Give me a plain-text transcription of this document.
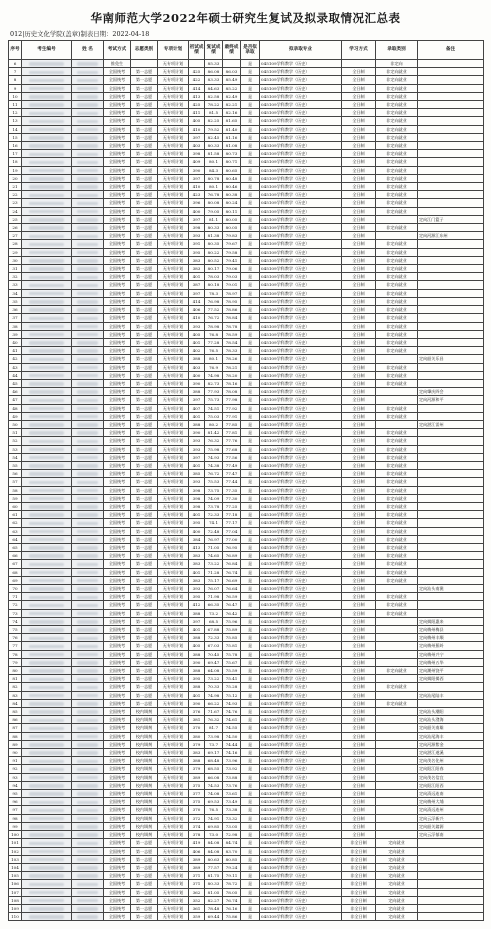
华南师范大学2022年硕士研究生复试及拟录取情况汇总表
012|历史文化学院(盖章)制表日期：2022-04-18
序号	考生编号	姓 名	考试方式	志愿类别	专项计划	初试成绩	复试成绩	最终成绩	是否拟录取	拟录取专业	学习方式	录取类别	备注
6			推免生		无专项计划		85.33		是	045109学科教学（历史）		非定向	
7			全国统考	第一志愿	无专项计划	425	86.08	86.03	是	045109学科教学（历史）	全日制	非定向就业	
8			全国统考	第一志愿	无专项计划	422	83.33	85.49	是	045109学科教学（历史）	全日制	非定向就业	
9			全国统考	第一志愿	无专项计划	414	84.63	85.22	是	045109学科教学（历史）	全日制	非定向就业	
10			全国统考	第一志愿	无专项计划	413	82.58	82.49	是	045109学科教学（历史）	全日制	非定向就业	
11			全国统考	第一志愿	无专项计划	425	78.22	82.21	是	045109学科教学（历史）	全日制	非定向就业	
12			全国统考	第一志愿	无专项计划	411	81.5	82.16	是	045109学科教学（历史）	全日制	非定向就业	
13			全国统考	第一志愿	无专项计划	405	82.25	81.65	是	045109学科教学（历史）	全日制	非定向就业	
14			全国统考	第一志愿	无专项计划	410	79.52	81.40	是	045109学科教学（历史）	全日制	非定向就业	
15			全国统考	第一志愿	无专项计划	397	82.45	81.16	是	045109学科教学（历史）	全日制	非定向就业	
16			全国统考	第一志愿	无专项计划	403	80.33	81.08	是	045109学科教学（历史）	全日制	非定向就业	
17			全国统考	第一志愿	无专项计划	398	81.58	80.73	是	045109学科教学（历史）	全日制	非定向就业	
18			全国统考	第一志愿	无专项计划	409	80.1	80.71	是	045109学科教学（历史）	全日制	非定向就业	
19			全国统考	第一志愿	无专项计划	390	84.3	80.65	是	045109学科教学（历史）	全日制	非定向就业	
20			全国统考	第一志愿	无专项计划	397	80.78	80.48	是	045109学科教学（历史）	全日制	非定向就业	
21			全国统考	第一志愿	无专项计划	410	80.1	80.46	是	045109学科教学（历史）	全日制	非定向就业	
22			全国统考	第一志愿	无专项计划	423	76.78	80.38	是	045109学科教学（历史）	全日制	非定向就业	
23			全国统考	第一志愿	无专项计划	396	80.08	80.24	是	045109学科教学（历史）	全日制	非定向就业	
24			全国统考	第一志愿	无专项计划	400	79.05	80.11	是	045109学科教学（历史）	全日制	非定向就业	
25			全国统考	第一志愿	无专项计划	397	81.1	80.05	是	045109学科教学（历史）	全日制		定向江门篮子
26			全国统考	第一志愿	无专项计划	398	80.33	80.05	是	045109学科教学（历史）	全日制	非定向就业	
27			全国统考	第一志愿	无专项计划	393	81.38	79.83	是	045109学科教学（历史）	全日制		定向河源江东州
28			全国统考	第一志愿	无专项计划	391	80.35	79.67	是	045109学科教学（历史）	全日制	非定向就业	
29			全国统考	第一志愿	无专项计划	395	80.22	79.58	是	045109学科教学（历史）	全日制	非定向就业	
30			全国统考	第一志愿	无专项计划	383	80.52	79.41	是	045109学科教学（历史）	全日制	非定向就业	
31			全国统考	第一志愿	无专项计划	383	80.17	79.06	是	045109学科教学（历史）	全日制	非定向就业	
32			全国统考	第一志愿	无专项计划	401	78.03	79.03	是	045109学科教学（历史）	全日制	非定向就业	
33			全国统考	第一志愿	无专项计划	387	80.18	79.01	是	045109学科教学（历史）	全日制	非定向就业	
34			全国统考	第一志愿	无专项计划	397	78.3	78.97	是	045109学科教学（历史）	全日制	非定向就业	
35			全国统考	第一志愿	无专项计划	414	76.98	78.95	是	045109学科教学（历史）	全日制	非定向就业	
36			全国统考	第一志愿	无专项计划	406	77.52	78.86	是	045109学科教学（历史）	全日制	非定向就业	
37			全国统考	第一志愿	无专项计划	410	76.72	78.84	是	045109学科教学（历史）	全日制	非定向就业	
38			全国统考	第一志愿	无专项计划	393	78.98	78.78	是	045109学科教学（历史）	全日制	非定向就业	
39			全国统考	第一志愿	无专项计划	405	76.8	78.59	是	045109学科教学（历史）	全日制	非定向就业	
40			全国统考	第一志愿	无专项计划	401	77.28	78.54	是	045109学科教学（历史）	全日制	非定向就业	
41			全国统考	第一志愿	无专项计划	402	76.5	78.33	是	045109学科教学（历史）	全日制	非定向就业	
42			全国统考	第一志愿	无专项计划	388	80.1	78.26	是	045109学科教学（历史）	全日制		定向韶关乐昌
43			全国统考	第一志愿	无专项计划	403	76.9	78.21	是	045109学科教学（历史）	全日制	非定向就业	
44			全国统考	第一志愿	无专项计划	400	74.98	78.20	是	045109学科教学（历史）	全日制	非定向就业	
45			全国统考	第一志愿	无专项计划	390	82.73	78.16	是	045109学科教学（历史）	全日制	非定向就业	
46			全国统考	第一志愿	无专项计划	388	77.93	78.08	是	045109学科教学（历史）	全日制		定向肇庆四会
47			全国统考	第一志愿	无专项计划	397	75.73	77.98	是	045109学科教学（历史）	全日制		定向河源和平
48			全国统考	第一志愿	无专项计划	407	74.51	77.92	是	045109学科教学（历史）	全日制	非定向就业	
49			全国统考	第一志愿	无专项计划	401	75.03	77.91	是	045109学科教学（历史）	全日制	非定向就业	
50			全国统考	第一志愿	无专项计划	388	80.2	77.85	是	045109学科教学（历史）	全日制		定向湛江雷州
51			全国统考	第一志愿	无专项计划	390	81.42	77.81	是	045109学科教学（历史）	全日制	非定向就业	
52			全国统考	第一志愿	无专项计划	393	76.32	77.76	是	045109学科教学（历史）	全日制	非定向就业	
53			全国统考	第一志愿	无专项计划	393	75.98	77.68	是	045109学科教学（历史）	全日制	非定向就业	
54			全国统考	第一志愿	无专项计划	397	74.93	77.56	是	045109学科教学（历史）	全日制	非定向就业	
55			全国统考	第一志愿	无专项计划	401	74.38	77.49	是	045109学科教学（历史）	全日制	非定向就业	
56			全国统考	第一志愿	无专项计划	385	76.72	77.47	是	045109学科教学（历史）	全日制	非定向就业	
57			全国统考	第一志愿	无专项计划	393	75.53	77.44	是	045109学科教学（历史）	全日制	非定向就业	
58			全国统考	第一志愿	无专项计划	398	73.75	77.35	是	045109学科教学（历史）	全日制	非定向就业	
59			全国统考	第一志愿	无专项计划	398	74.09	77.30	是	045109学科教学（历史）	全日制	非定向就业	
60			全国统考	第一志愿	无专项计划	398	73.78	77.25	是	045109学科教学（历史）	全日制	非定向就业	
61			全国统考	第一志愿	无专项计划	401	72.33	77.18	是	045109学科教学（历史）	全日制	非定向就业	
62			全国统考	第一志愿	无专项计划	395	74.1	77.17	是	045109学科教学（历史）	全日制	非定向就业	
63			全国统考	第一志愿	无专项计划	400	72.48	77.04	是	045109学科教学（历史）	全日制	非定向就业	
64			全国统考	第一志愿	无专项计划	384	76.97	77.00	是	045109学科教学（历史）	全日制	非定向就业	
65			全国统考	第一志愿	无专项计划	413	71.05	76.95	是	045109学科教学（历史）	全日制	非定向就业	
66			全国统考	第一志愿	无专项计划	383	74.65	76.89	是	045109学科教学（历史）	全日制	非定向就业	
67			全国统考	第一志愿	无专项计划	383	73.22	76.84	是	045109学科教学（历史）	全日制	非定向就业	
68			全国统考	第一志愿	无专项计划	401	71.28	76.74	是	045109学科教学（历史）	全日制	非定向就业	
69			全国统考	第一志愿	无专项计划	383	75.17	76.69	是	045109学科教学（历史）	全日制	非定向就业	
70			全国统考	第一志愿	无专项计划	393	76.07	76.64	是	045109学科教学（历史）	全日制		定向汕头南澳
71			全国统考	第一志愿	无专项计划	395	71.98	76.59	是	045109学科教学（历史）	全日制	非定向就业	
72			全国统考	第一志愿	无专项计划	412	66.35	76.47	是	045109学科教学（历史）	全日制	非定向就业	
73			全国统考	第一志愿	无专项计划	388	73.2	76.42	是	045109学科教学（历史）	全日制	非定向就业	
74			全国统考	第一志愿	无专项计划	397	68.5	75.96	是	045109学科教学（历史）	全日制		定向揭阳惠来
75			全国统考	第一志愿	无专项计划	401	67.88	75.89	是	045109学科教学（历史）	全日制		定向梅州梅县
76			全国统考	第一志愿	无专项计划	388	72.33	75.85	是	045109学科教学（历史）	全日制		定向梅州丰顺
77			全国统考	第一志愿	无专项计划	405	67.03	75.81	是	045109学科教学（历史）	全日制		定向梅州蕉岭
78			全国统考	第一志愿	无专项计划	388	70.45	75.78	是	045109学科教学（历史）	全日制		定向梅州兴宁
79			全国统考	第一志愿	无专项计划	390	69.47	75.67	是	045109学科教学（历史）	全日制		定向梅州五华
80			全国统考	第一志愿	无专项计划	388	64.08	75.59	是	045109学科教学（历史）	全日制	非定向就业	定向潮州饶平
81			全国统考	第一志愿	无专项计划	395	73.22	75.41	是	045109学科教学（历史）	全日制		定向揭阳揭西
82			全国统考	第一志愿	无专项计划	388	70.33	75.28	是	045109学科教学（历史）	全日制	非定向就业	
83			全国统考	第一志愿	无专项计划	401	74.98	75.12	是	045109学科教学（历史）	全日制		定向汕尾陆丰
84			全国统考	第一志愿	无专项计划	390	66.22	74.93	是	045109学科教学（历史）	全日制	非定向就业	
85			全国统考	校内调剂	无专项计划	376	71.67	74.76	是	045109学科教学（历史）	全日制		定向汕头潮阳
86			全国统考	校内调剂	无专项计划	381	76.32	74.61	是	045109学科教学（历史）	全日制		定向汕头澄海
87			全国统考	校内调剂	无专项计划	370	81.7	74.55	是	045109学科教学（历史）	全日制		定向韶关南雄
88			全国统考	校内调剂	无专项计划	380	73.98	74.50	是	045109学科教学（历史）	全日制		定向汕尾海丰
89			全国统考	校内调剂	无专项计划	379	73.7	74.44	是	045109学科教学（历史）	全日制		定向河源紫金
90			全国统考	校内调剂	无专项计划	383	69.17	74.16	是	045109学科教学（历史）	全日制		定向湛江遂溪
91			全国统考	校内调剂	无专项计划	388	68.48	73.96	是	045109学科教学（历史）	全日制		定向茂名化州
92			全国统考	校内调剂	无专项计划	379	68.55	73.92	是	045109学科教学（历史）	全日制		定向阳江阳春
93			全国统考	校内调剂	无专项计划	389	66.08	73.88	是	045109学科教学（历史）	全日制		定向茂名信宜
94			全国统考	校内调剂	无专项计划	375	74.53	73.76	是	045109学科教学（历史）	全日制		定向阳江阳西
95			全国统考	校内调剂	无专项计划	377	74.08	73.61	是	045109学科教学（历史）	全日制		定向清远连南
96			全国统考	校内调剂	无专项计划	375	69.53	73.49	是	045109学科教学（历史）	全日制		定向梅州大埔
97			全国统考	校内调剂	无专项计划	370	76.5	73.38	是	045109学科教学（历史）	全日制		定向清远连州
98			全国统考	校内调剂	无专项计划	372	74.91	73.32	是	045109学科教学（历史）	全日制		定向云浮新兴
99			全国统考	校内调剂	无专项计划	374	69.85	73.05	是	045109学科教学（历史）	全日制		定向韶关翁源
100			全国统考	校内调剂	无专项计划	378	73.0	72.98	是	045109学科教学（历史）	全日制		定向云浮郁南
101			全国统考	第一志愿	无专项计划	419	84.08	84.74	是	045109学科教学（历史）	非全日制	定向就业	
102			全国统考	第一志愿	无专项计划	406	84.08	83.70	是	045109学科教学（历史）	非全日制	定向就业	
103			全国统考	第一志愿	无专项计划	389	80.63	80.85	是	045109学科教学（历史）	非全日制	定向就业	
104			全国统考	第一志愿	无专项计划	389	77.57	79.24	是	045109学科教学（历史）	非全日制	定向就业	
105			全国统考	第一志愿	无专项计划	371	81.75	79.11	是	045109学科教学（历史）	非全日制	定向就业	
106			全国统考	第一志愿	无专项计划	371	80.33	78.72	是	045109学科教学（历史）	非全日制	定向就业	
107			全国统考	第一志愿	无专项计划	362	81.05	78.05	是	045109学科教学（历史）	非全日制	定向就业	
108			全国统考	第一志愿	无专项计划	352	82.27	76.74	是	045109学科教学（历史）	非全日制	定向就业	
109			全国统考	第一志愿	无专项计划	361	78.48	76.16	是	045109学科教学（历史）	非全日制	定向就业	
110			全国统考	第一志愿	无专项计划	359	69.44	75.86	是	045109学科教学（历史）	非全日制	定向就业	
